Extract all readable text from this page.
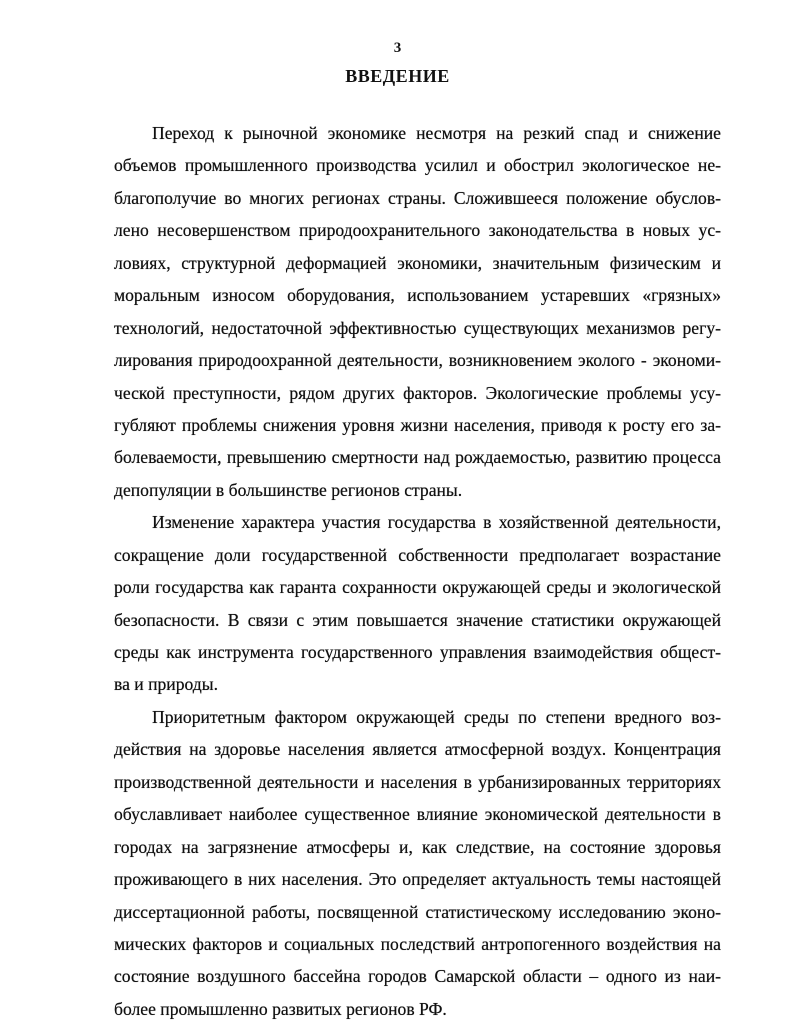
3
ВВЕДЕНИЕ
Переход к рыночной экономике несмотря на резкий спад и снижение
объемов промышленного производства усилил и обострил экологическое не-
благополучие во многих регионах страны. Сложившееся положение обуслов-
лено несовершенством природоохранительного законодательства в новых ус-
ловиях, структурной деформацией экономики, значительным физическим и
моральным износом оборудования, использованием устаревших «грязных»
технологий, недостаточной эффективностью существующих механизмов регу-
лирования природоохранной деятельности, возникновением эколого - экономи-
ческой преступности, рядом других факторов. Экологические проблемы усу-
губляют проблемы снижения уровня жизни населения, приводя к росту его за-
болеваемости, превышению смертности над рождаемостью, развитию процесса
депопуляции в большинстве регионов страны.
Изменение характера участия государства в хозяйственной деятельности,
сокращение доли государственной собственности предполагает возрастание
роли государства как гаранта сохранности окружающей среды и экологической
безопасности. В связи с этим повышается значение статистики окружающей
среды как инструмента государственного управления взаимодействия общест-
ва и природы.
Приоритетным фактором окружающей среды по степени вредного воз-
действия на здоровье населения является атмосферной воздух. Концентрация
производственной деятельности и населения в урбанизированных территориях
обуславливает наиболее существенное влияние экономической деятельности в
городах на загрязнение атмосферы и, как следствие, на состояние здоровья
проживающего в них населения. Это определяет актуальность темы настоящей
диссертационной работы, посвященной статистическому исследованию эконо-
мических факторов и социальных последствий антропогенного воздействия на
состояние воздушного бассейна городов Самарской области – одного из наи-
более промышленно развитых регионов РФ.
